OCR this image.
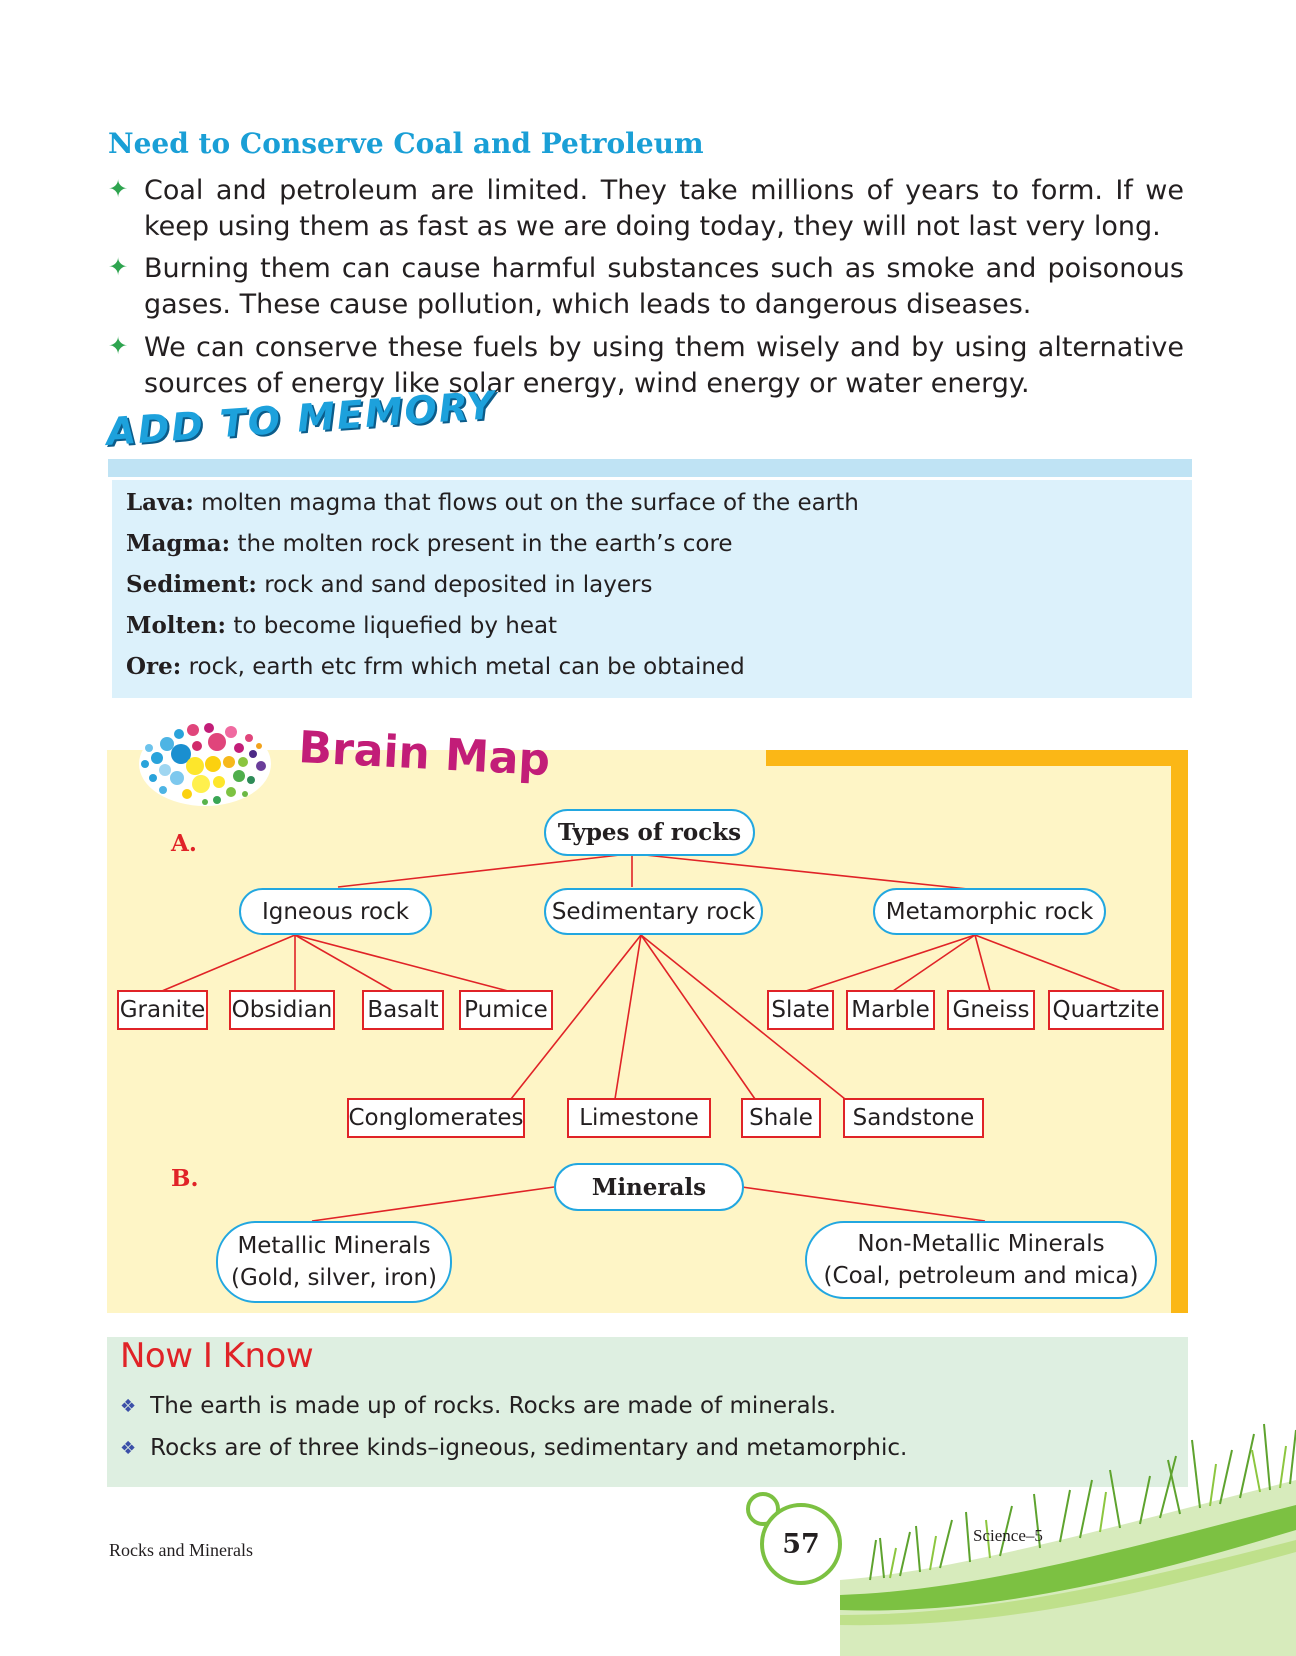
Need to Conserve Coal and Petroleum
✦ Coal and petroleum are limited. They take millions of years to form. If we keep using them as fast as we are doing today, they will not last very long.
✦ Burning them can cause harmful substances such as smoke and poisonous gases. These cause pollution, which leads to dangerous diseases.
✦ We can conserve these fuels by using them wisely and by using alternative sources of energy like solar energy, wind energy or water energy.
ADD TO MEMORY
Lava: molten magma that flows out on the surface of the earth
Magma: the molten rock present in the earth’s core
Sediment: rock and sand deposited in layers
Molten: to become liquefied by heat
Ore: rock, earth etc frm which metal can be obtained
Brain Map
A.
B.
Types of rocks
Igneous rock	Sedimentary rock	Metamorphic rock
Granite Obsidian Basalt Pumice
Conglomerates	Limestone	Shale	Sandstone
Slate Marble Gneiss Quartzite
Minerals
Metallic Minerals
(Gold, silver, iron)
Non-Metallic Minerals
(Coal, petroleum and mica)
Now I Know
❖ The earth is made up of rocks. Rocks are made of minerals.
❖ Rocks are of three kinds–igneous, sedimentary and metamorphic.
57
Rocks and Minerals
Science–5
